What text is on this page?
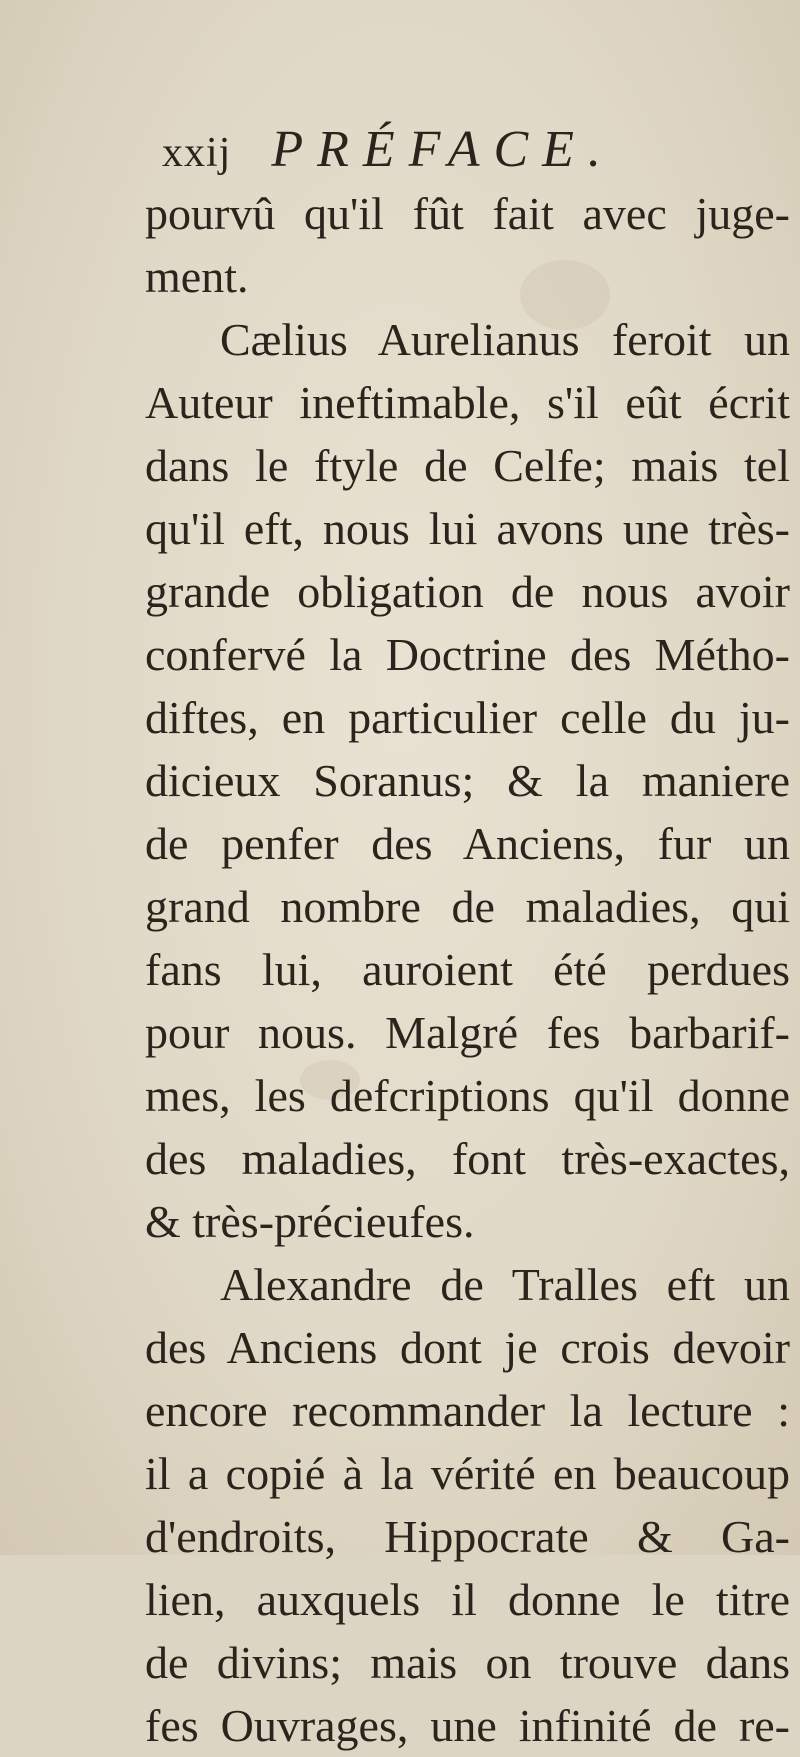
xxij PRÉFACE.
pourvû qu'il fût fait avec juge-
ment.
Cælius Aurelianus feroit un
Auteur ineftimable, s'il eût écrit
dans le ftyle de Celfe; mais tel
qu'il eft, nous lui avons une très-
grande obligation de nous avoir
confervé la Doctrine des Métho-
diftes, en particulier celle du ju-
dicieux Soranus; & la maniere
de penfer des Anciens, fur un
grand nombre de maladies, qui
fans lui, auroient été perdues
pour nous. Malgré fes barbarif-
mes, les defcriptions qu'il donne
des maladies, font très-exactes,
& très-précieufes.
Alexandre de Tralles eft un
des Anciens dont je crois devoir
encore recommander la lecture :
il a copié à la vérité en beaucoup
d'endroits, Hippocrate & Ga-
lien, auxquels il donne le titre
de divins; mais on trouve dans
fes Ouvrages, une infinité de re-
